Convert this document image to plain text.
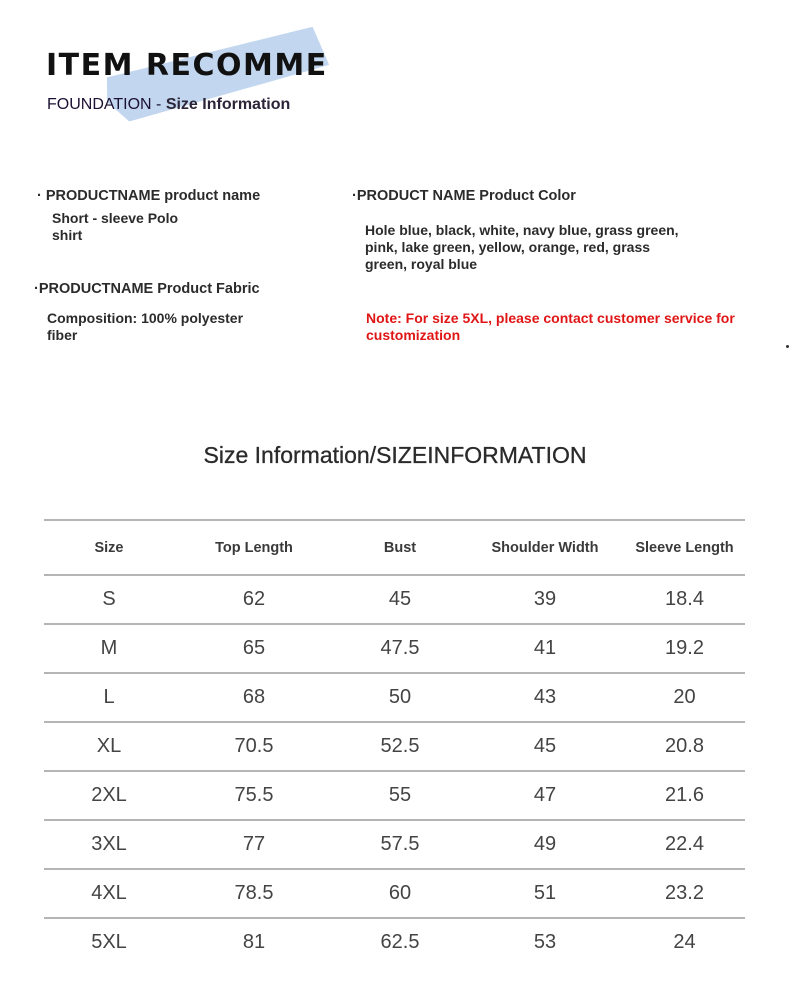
ITEM RECOMME

FOUNDATION - Size Information

· PRODUCTNAME product name
Short - sleeve Polo shirt
·PRODUCTNAME Product Fabric
Composition: 100% polyester fiber
·PRODUCT NAME Product Color
Hole blue, black, white, navy blue, grass green, pink, lake green, yellow, orange, red, grass green, royal blue
Note: For size 5XL, please contact customer service for customization
Size Information/SIZEINFORMATION
Size	Top Length	Bust	Shoulder Width	Sleeve Length
S	62	45	39	18.4
M	65	47.5	41	19.2
L	68	50	43	20
XL	70.5	52.5	45	20.8
2XL	75.5	55	47	21.6
3XL	77	57.5	49	22.4
4XL	78.5	60	51	23.2
5XL	81	62.5	53	24
